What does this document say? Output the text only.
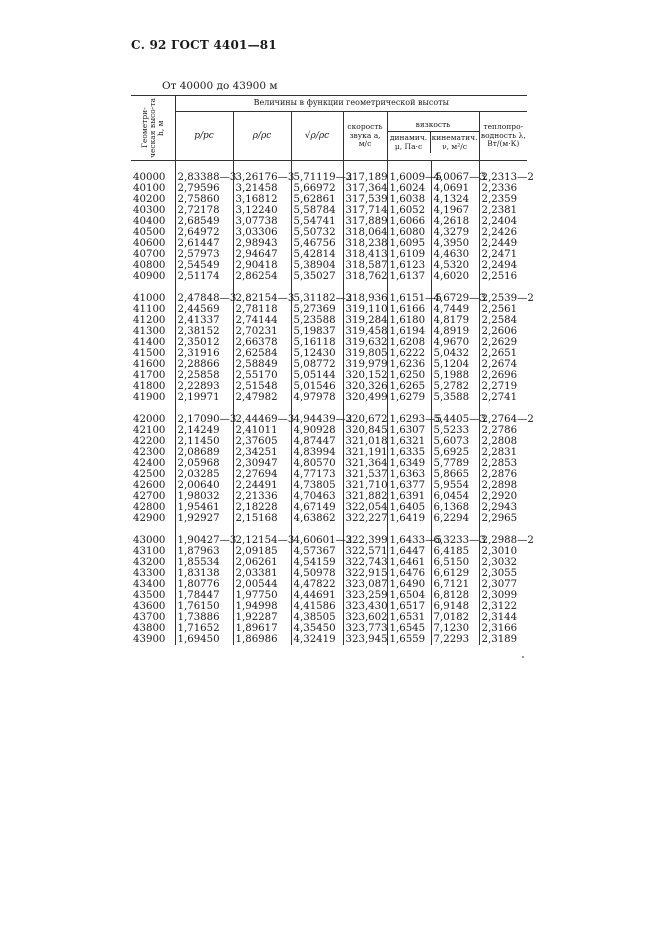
С. 92 ГОСТ 4401—81
От 40000 до 43900 м
Геометри-ческая высо-та h, м	Величины в функции геометрической высоты						
	p/pc	ρ/ρc	√ρ/ρc	скорость звука a, м/с	вязкость
динамич. μ, Па·с
кинематич. ν, м²/с		теплопро-водность λ, Вт/(м·К)

40000	2,83388—3	3,26176—3	5,71119—2	317,189	1,6009—5	4,0067—3	2,2313—2
40100	2,79596	3,21458	5,66972	317,364	1,6024	4,0691	2,2336
40200	2,75860	3,16812	5,62861	317,539	1,6038	4,1324	2,2359
40300	2,72178	3,12240	5,58784	317,714	1,6052	4,1967	2,2381
40400	2,68549	3,07738	5,54741	317,889	1,6066	4,2618	2,2404
40500	2,64972	3,03306	5,50732	318,064	1,6080	4,3279	2,2426
40600	2,61447	2,98943	5,46756	318,238	1,6095	4,3950	2,2449
40700	2,57973	2,94647	5,42814	318,413	1,6109	4,4630	2,2471
40800	2,54549	2,90418	5,38904	318,587	1,6123	4,5320	2,2494
40900	2,51174	2,86254	5,35027	318,762	1,6137	4,6020	2,2516

41000	2,47848—3	2,82154—3	5,31182—2	318,936	1,6151—5	4,6729—3	2,2539—2
41100	2,44569	2,78118	5,27369	319,110	1,6166	4,7449	2,2561
41200	2,41337	2,74144	5,23588	319,284	1,6180	4,8179	2,2584
41300	2,38152	2,70231	5,19837	319,458	1,6194	4,8919	2,2606
41400	2,35012	2,66378	5,16118	319,632	1,6208	4,9670	2,2629
41500	2,31916	2,62584	5,12430	319,805	1,6222	5,0432	2,2651
41600	2,28866	2,58849	5,08772	319,979	1,6236	5,1204	2,2674
41700	2,25858	2,55170	5,05144	320,152	1,6250	5,1988	2,2696
41800	2,22893	2,51548	5,01546	320,326	1,6265	5,2782	2,2719
41900	2,19971	2,47982	4,97978	320,499	1,6279	5,3588	2,2741

42000	2,17090—3	2,44469—3	4,94439—2	320,672	1,6293—5	5,4405—3	2,2764—2
42100	2,14249	2,41011	4,90928	320,845	1,6307	5,5233	2,2786
42200	2,11450	2,37605	4,87447	321,018	1,6321	5,6073	2,2808
42300	2,08689	2,34251	4,83994	321,191	1,6335	5,6925	2,2831
42400	2,05968	2,30947	4,80570	321,364	1,6349	5,7789	2,2853
42500	2,03285	2,27694	4,77173	321,537	1,6363	5,8665	2,2876
42600	2,00640	2,24491	4,73805	321,710	1,6377	5,9554	2,2898
42700	1,98032	2,21336	4,70463	321,882	1,6391	6,0454	2,2920
42800	1,95461	2,18228	4,67149	322,054	1,6405	6,1368	2,2943
42900	1,92927	2,15168	4,63862	322,227	1,6419	6,2294	2,2965

43000	1,90427—3	2,12154—3	4,60601—2	322,399	1,6433—5	6,3233—3	2,2988—2
43100	1,87963	2,09185	4,57367	322,571	1,6447	6,4185	2,3010
43200	1,85534	2,06261	4,54159	322,743	1,6461	6,5150	2,3032
43300	1,83138	2,03381	4,50978	322,915	1,6476	6,6129	2,3055
43400	1,80776	2,00544	4,47822	323,087	1,6490	6,7121	2,3077
43500	1,78447	1,97750	4,44691	323,259	1,6504	6,8128	2,3099
43600	1,76150	1,94998	4,41586	323,430	1,6517	6,9148	2,3122
43700	1,73886	1,92287	4,38505	323,602	1,6531	7,0182	2,3144
43800	1,71652	1,89617	4,35450	323,773	1,6545	7,1230	2,3166
43900	1,69450	1,86986	4,32419	323,945	1,6559	7,2293	2,3189
